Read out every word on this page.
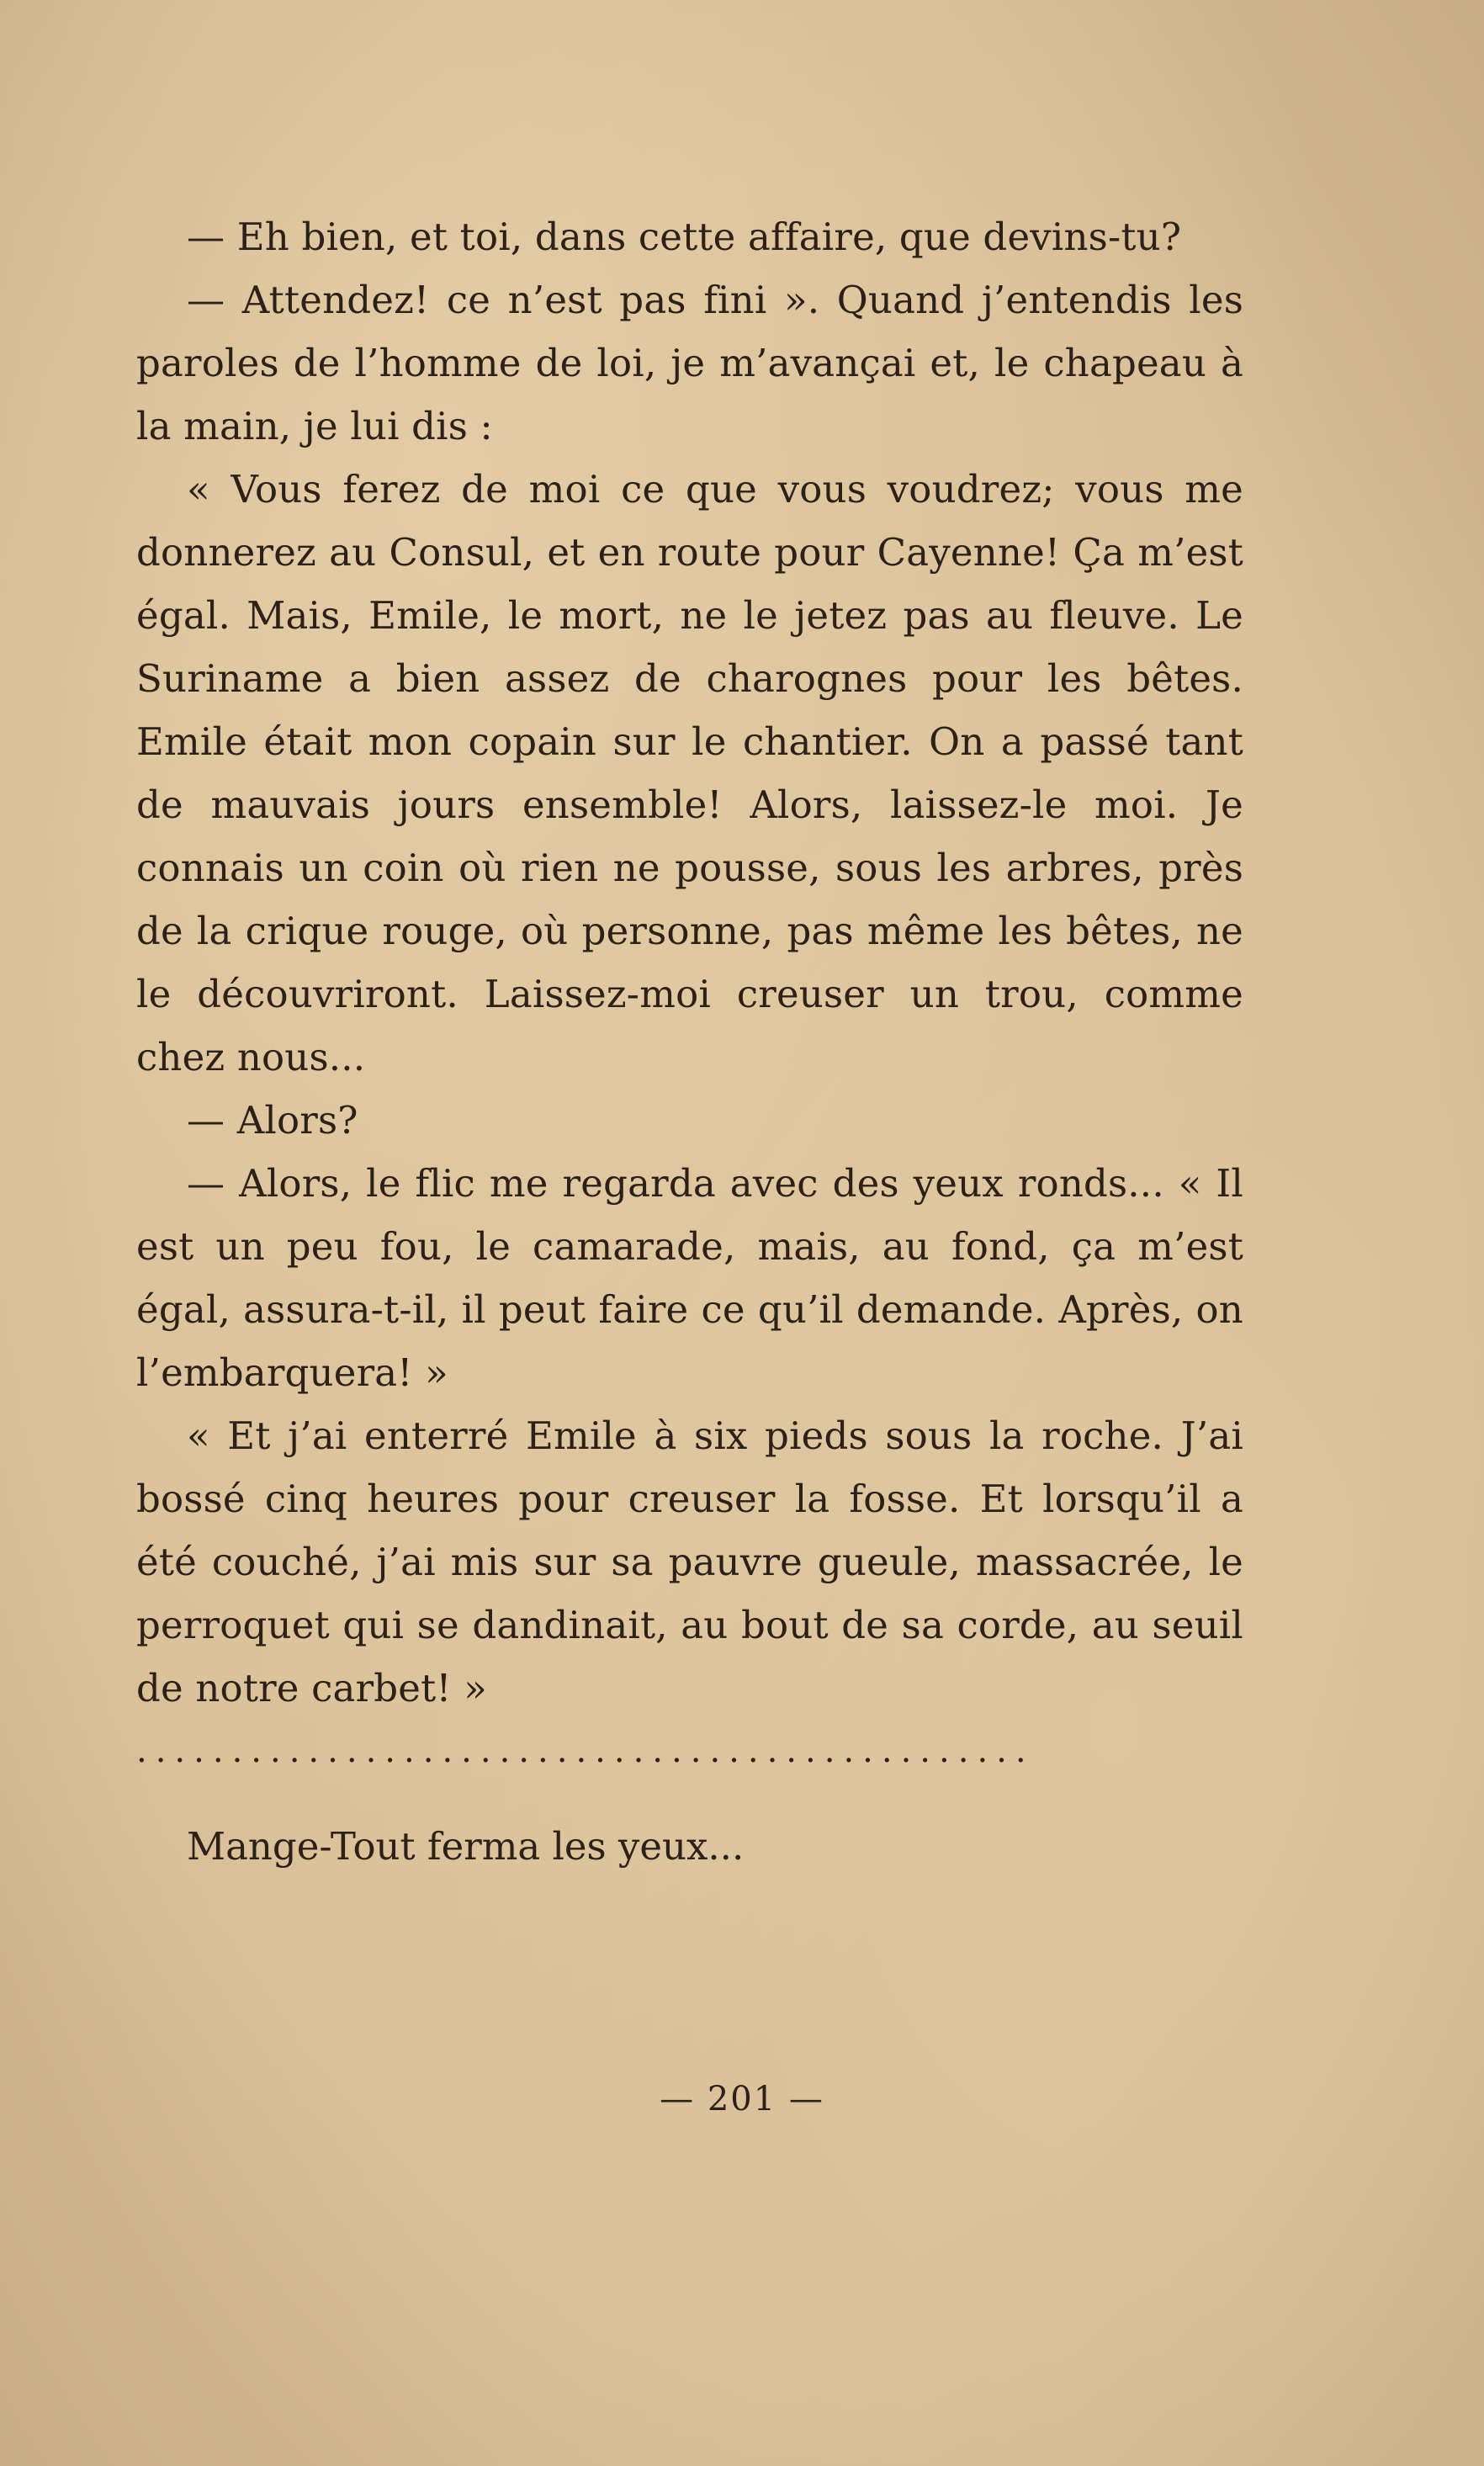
— Eh bien, et toi, dans cette affaire, que devins-tu?

— Attendez! ce n’est pas fini ». Quand j’entendis les paroles de l’homme de loi, je m’avançai et, le chapeau à la main, je lui dis :

« Vous ferez de moi ce que vous voudrez; vous me donnerez au Consul, et en route pour Cayenne! Ça m’est égal. Mais, Emile, le mort, ne le jetez pas au fleuve. Le Suriname a bien assez de charognes pour les bêtes. Emile était mon copain sur le chantier. On a passé tant de mauvais jours ensemble! Alors, laissez-le moi. Je connais un coin où rien ne pousse, sous les arbres, près de la crique rouge, où personne, pas même les bêtes, ne le découvriront. Laissez-moi creuser un trou, comme chez nous...

— Alors?

— Alors, le flic me regarda avec des yeux ronds... « Il est un peu fou, le camarade, mais, au fond, ça m’est égal, assura-t-il, il peut faire ce qu’il demande. Après, on l’embarquera! »

« Et j’ai enterré Emile à six pieds sous la roche. J’ai bossé cinq heures pour creuser la fosse. Et lorsqu’il a été couché, j’ai mis sur sa pauvre gueule, massacrée, le perroquet qui se dandinait, au bout de sa corde, au seuil de notre carbet! »

...............................................

Mange-Tout ferma les yeux...

— 201 —
